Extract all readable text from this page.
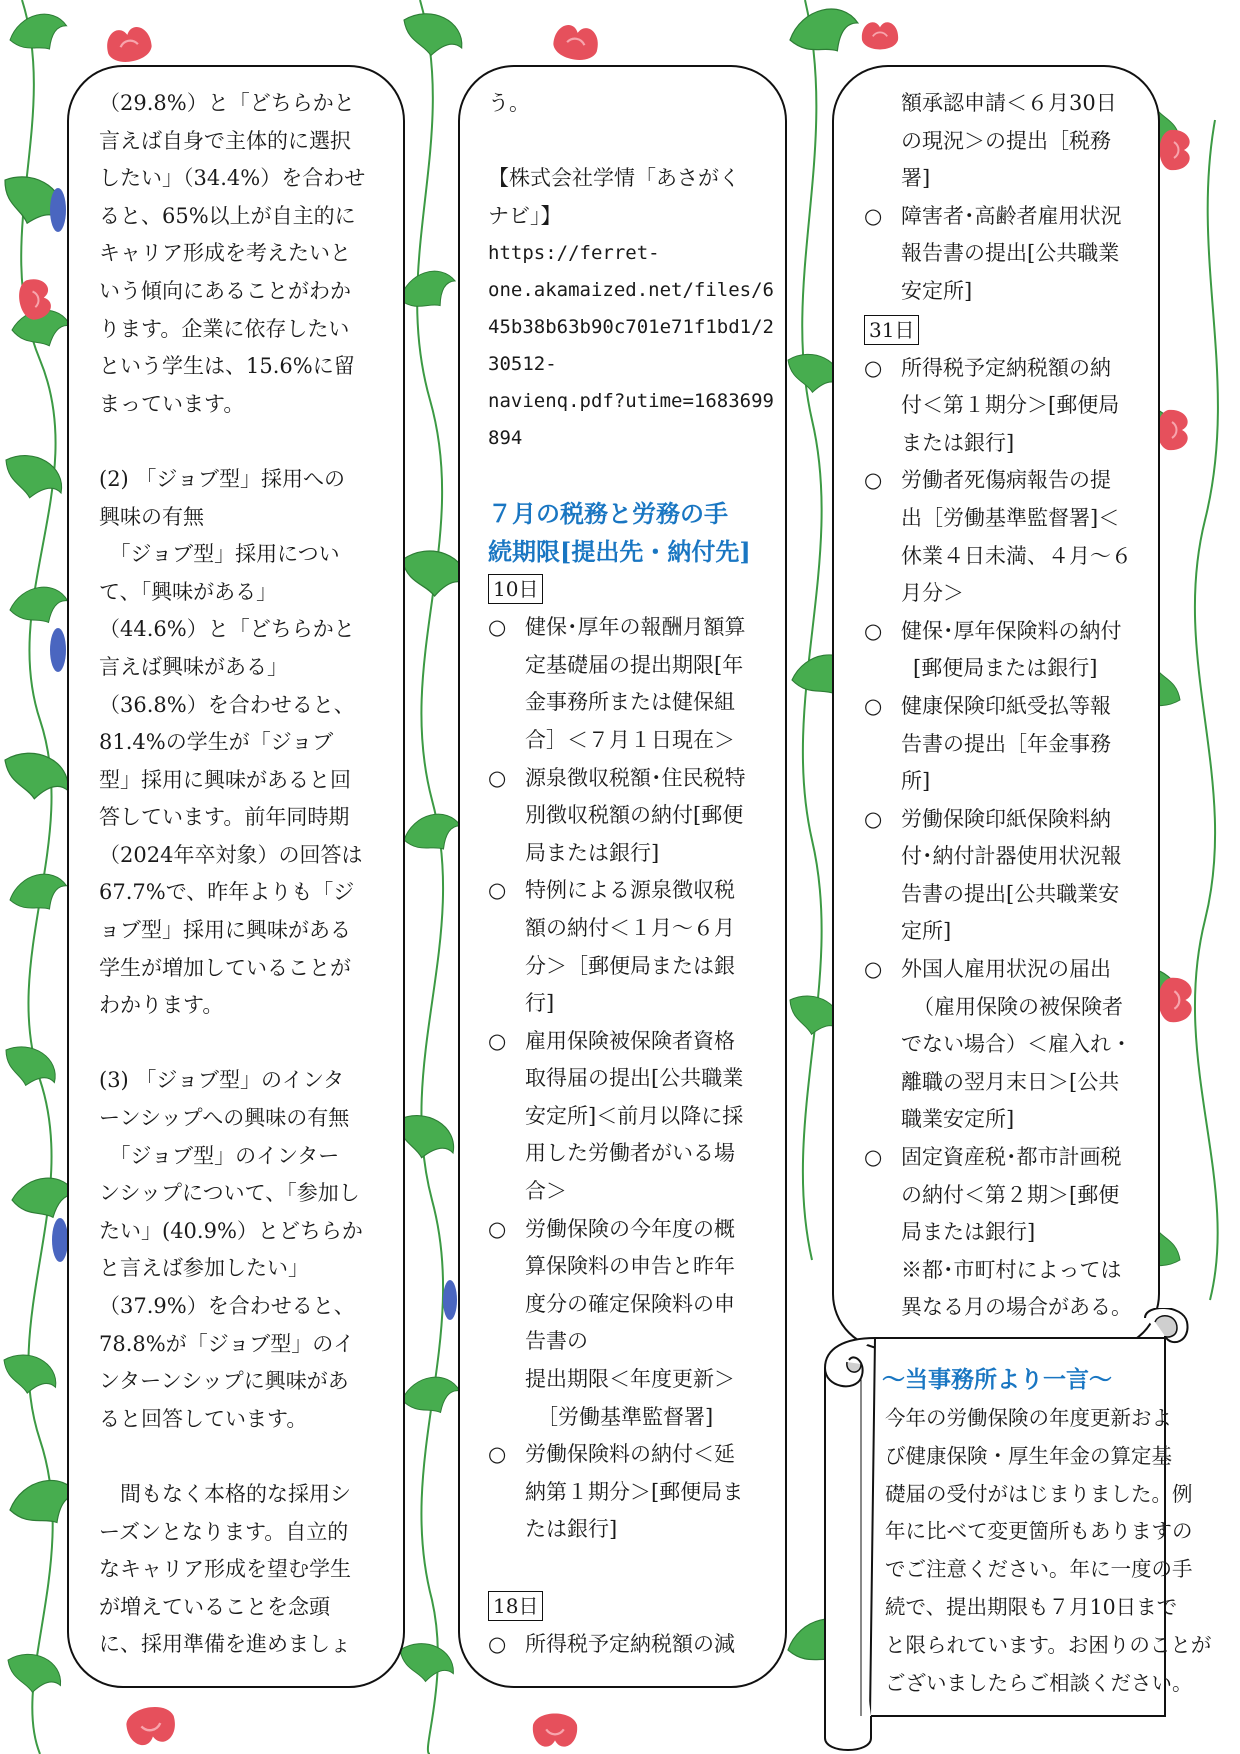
（29.8%）と「どちらかと
言えば自身で主体的に選択
したい」（34.4%）を合わせ
ると、65%以上が自主的に
キャリア形成を考えたいと
いう傾向にあることがわか
ります。企業に依存したい
という学生は、15.6%に留
まっています。
(2) 「ジョブ型」採用への
興味の有無
　「ジョブ型」採用につい
て、「興味がある」
（44.6%）と「どちらかと
言えば興味がある」
（36.8%）を合わせると、
81.4%の学生が「ジョブ
型」採用に興味があると回
答しています。前年同時期
（2024年卒対象）の回答は
67.7%で、昨年よりも「ジ
ョブ型」採用に興味がある
学生が増加していることが
わかります。
(3) 「ジョブ型」のインタ
ーンシップへの興味の有無
　「ジョブ型」のインター
ンシップについて、「参加し
たい」(40.9%）とどちらか
と言えば参加したい」
（37.9%）を合わせると、
78.8%が「ジョブ型」のイ
ンターンシップに興味があ
ると回答しています。
　間もなく本格的な採用シ
ーズンとなります。自立的
なキャリア形成を望む学生
が増えていることを念頭
に、採用準備を進めましょ
う。
【株式会社学情「あさがく
ナビ」】
https://ferret-
one.akamaized.net/files/6
45b38b63b90c701e71f1bd1/2
30512-
navienq.pdf?utime=1683699
894
７月の税務と労務の手
続期限[提出先・納付先]
10日
○ 健保･厚年の報酬月額算
定基礎届の提出期限[年
金事務所または健保組
合］＜７月１日現在＞
○ 源泉徴収税額･住民税特
別徴収税額の納付[郵便
局または銀行]
○ 特例による源泉徴収税
額の納付＜１月～６月
分＞［郵便局または銀
行]
○ 雇用保険被保険者資格
取得届の提出[公共職業
安定所]＜前月以降に採
用した労働者がいる場
合＞
○ 労働保険の今年度の概
算保険料の申告と昨年
度分の確定保険料の申
告書の
提出期限＜年度更新＞
［労働基準監督署]
○ 労働保険料の納付＜延
納第１期分＞[郵便局ま
たは銀行]
18日
○ 所得税予定納税額の減
額承認申請＜６月30日
の現況＞の提出［税務
署]
○ 障害者･高齢者雇用状況
報告書の提出[公共職業
安定所]
31日
○ 所得税予定納税額の納
付＜第１期分＞[郵便局
または銀行]
○ 労働者死傷病報告の提
出［労働基準監督署]＜
休業４日未満、４月～６
月分＞
○ 健保･厚年保険料の納付
[郵便局または銀行]
○ 健康保険印紙受払等報
告書の提出［年金事務
所]
○ 労働保険印紙保険料納
付･納付計器使用状況報
告書の提出[公共職業安
定所]
○ 外国人雇用状況の届出
（雇用保険の被保険者
でない場合）＜雇入れ・
離職の翌月末日＞[公共
職業安定所]
○ 固定資産税･都市計画税
の納付＜第２期＞[郵便
局または銀行]
※都･市町村によっては
異なる月の場合がある。
～当事務所より一言～
今年の労働保険の年度更新およ
び健康保険・厚生年金の算定基
礎届の受付がはじまりました。例
年に比べて変更箇所もありますの
でご注意ください。年に一度の手
続で、提出期限も７月10日まで
と限られています。お困りのことが
ございましたらご相談ください。
